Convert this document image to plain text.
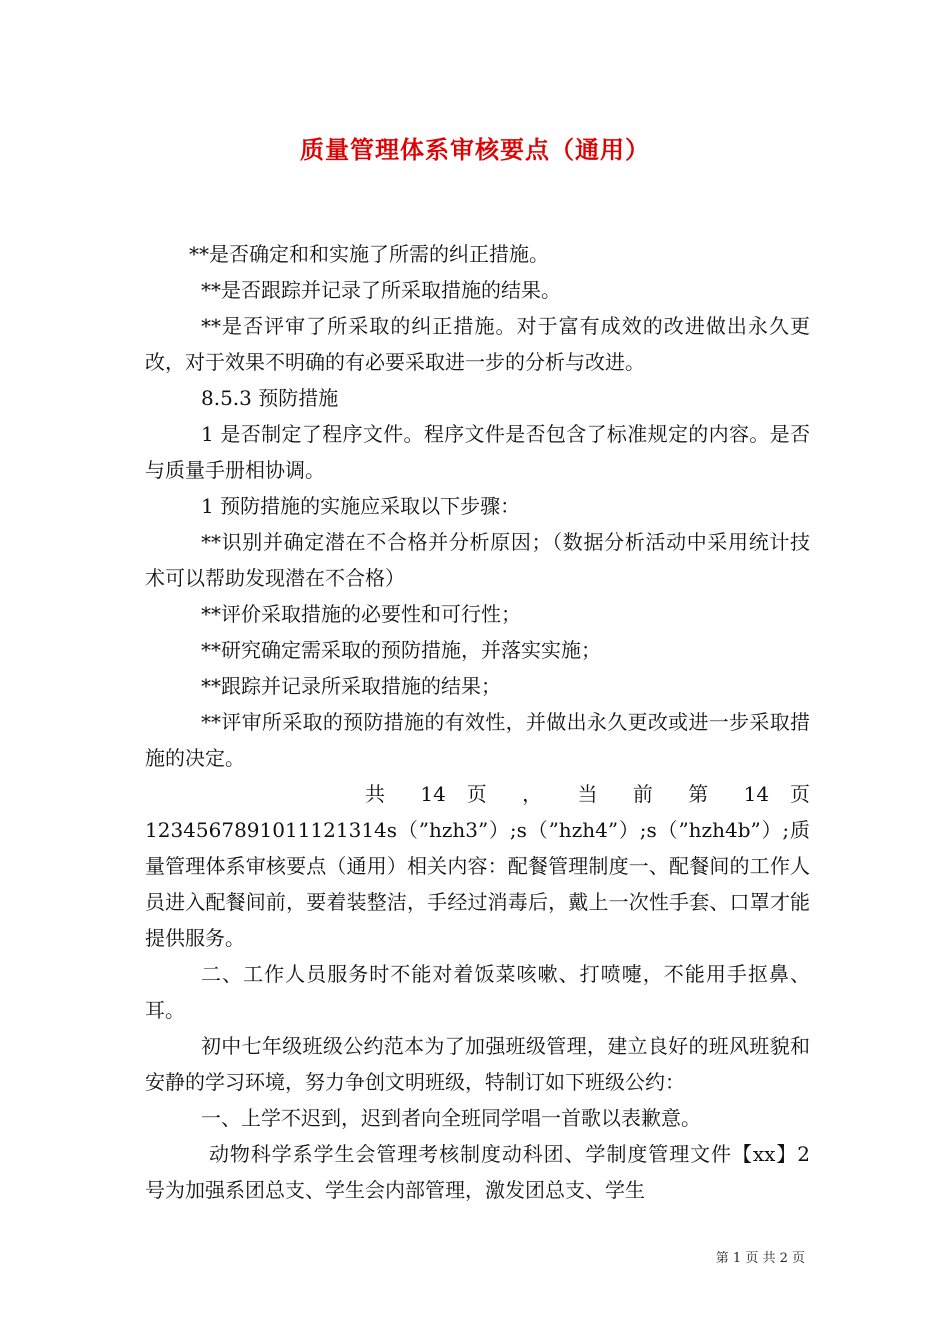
质量管理体系审核要点（通用）

**是否确定和和实施了所需的纠正措施。

**是否跟踪并记录了所采取措施的结果。

**是否评审了所采取的纠正措施。对于富有成效的改进做出永久更改，对于效果不明确的有必要采取进一步的分析与改进。

8.5.3 预防措施

1 是否制定了程序文件。程序文件是否包含了标准规定的内容。是否与质量手册相协调。

1 预防措施的实施应采取以下步骤：

**识别并确定潜在不合格并分析原因；（数据分析活动中采用统计技术可以帮助发现潜在不合格）

**评价采取措施的必要性和可行性；

**研究确定需采取的预防措施，并落实实施；

**跟踪并记录所采取措施的结果；

**评审所采取的预防措施的有效性，并做出永久更改或进一步采取措施的决定。

共 14 页 ， 当 前 第 14 页

1234567891011121314s（”hzh3”）;s（”hzh4”）;s（”hzh4b”）;质量管理体系审核要点（通用）相关内容：配餐管理制度一、配餐间的工作人员进入配餐间前，要着装整洁，手经过消毒后，戴上一次性手套、口罩才能提供服务。

二、工作人员服务时不能对着饭菜咳嗽、打喷嚏，不能用手抠鼻、耳。

初中七年级班级公约范本为了加强班级管理，建立良好的班风班貌和安静的学习环境，努力争创文明班级，特制订如下班级公约：

一、上学不迟到，迟到者向全班同学唱一首歌以表歉意。

动物科学系学生会管理考核制度动科团、学制度管理文件【xx】2 号为加强系团总支、学生会内部管理，激发团总支、学生

第 1 页 共 2 页
